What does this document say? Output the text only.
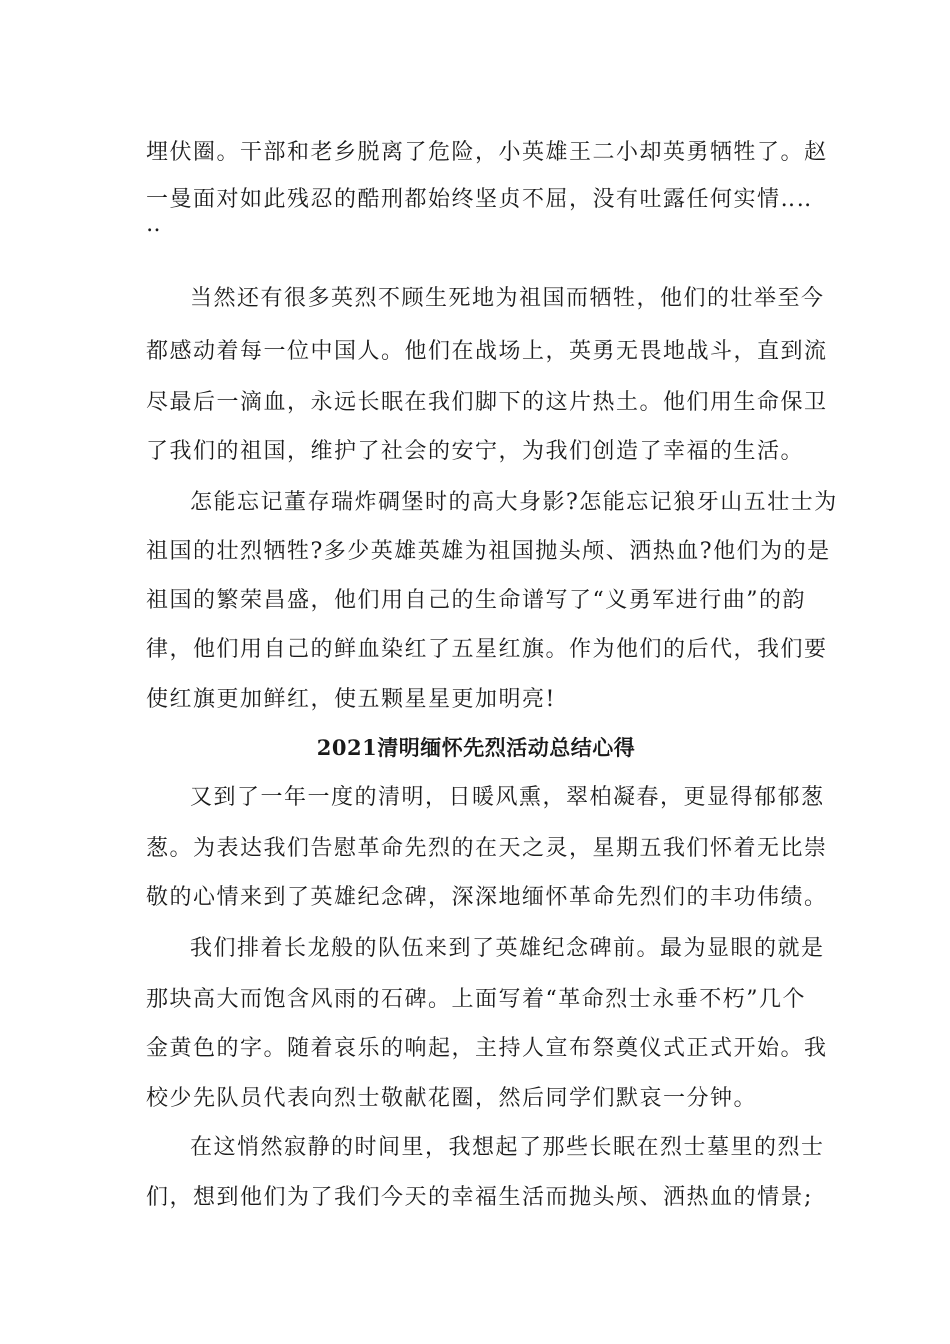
埋伏圈。干部和老乡脱离了危险，小英雄王二小却英勇牺牲了。赵
一曼面对如此残忍的酷刑都始终坚贞不屈，没有吐露任何实情‥‥
‥
当然还有很多英烈不顾生死地为祖国而牺牲，他们的壮举至今
都感动着每一位中国人。他们在战场上，英勇无畏地战斗，直到流
尽最后一滴血，永远长眠在我们脚下的这片热土。他们用生命保卫
了我们的祖国，维护了社会的安宁，为我们创造了幸福的生活。
怎能忘记董存瑞炸碉堡时的高大身影?怎能忘记狼牙山五壮士为
祖国的壮烈牺牲?多少英雄英雄为祖国抛头颅、洒热血?他们为的是
祖国的繁荣昌盛，他们用自己的生命谱写了“义勇军进行曲”的韵
律，他们用自己的鲜血染红了五星红旗。作为他们的后代，我们要
使红旗更加鲜红，使五颗星星更加明亮!
2021清明缅怀先烈活动总结心得
又到了一年一度的清明，日暖风熏，翠柏凝春，更显得郁郁葱
葱。为表达我们告慰革命先烈的在天之灵，星期五我们怀着无比崇
敬的心情来到了英雄纪念碑，深深地缅怀革命先烈们的丰功伟绩。
我们排着长龙般的队伍来到了英雄纪念碑前。最为显眼的就是
那块高大而饱含风雨的石碑。上面写着“革命烈士永垂不朽”几个
金黄色的字。随着哀乐的响起，主持人宣布祭奠仪式正式开始。我
校少先队员代表向烈士敬献花圈，然后同学们默哀一分钟。
在这悄然寂静的时间里，我想起了那些长眠在烈士墓里的烈士
们，想到他们为了我们今天的幸福生活而抛头颅、洒热血的情景;
